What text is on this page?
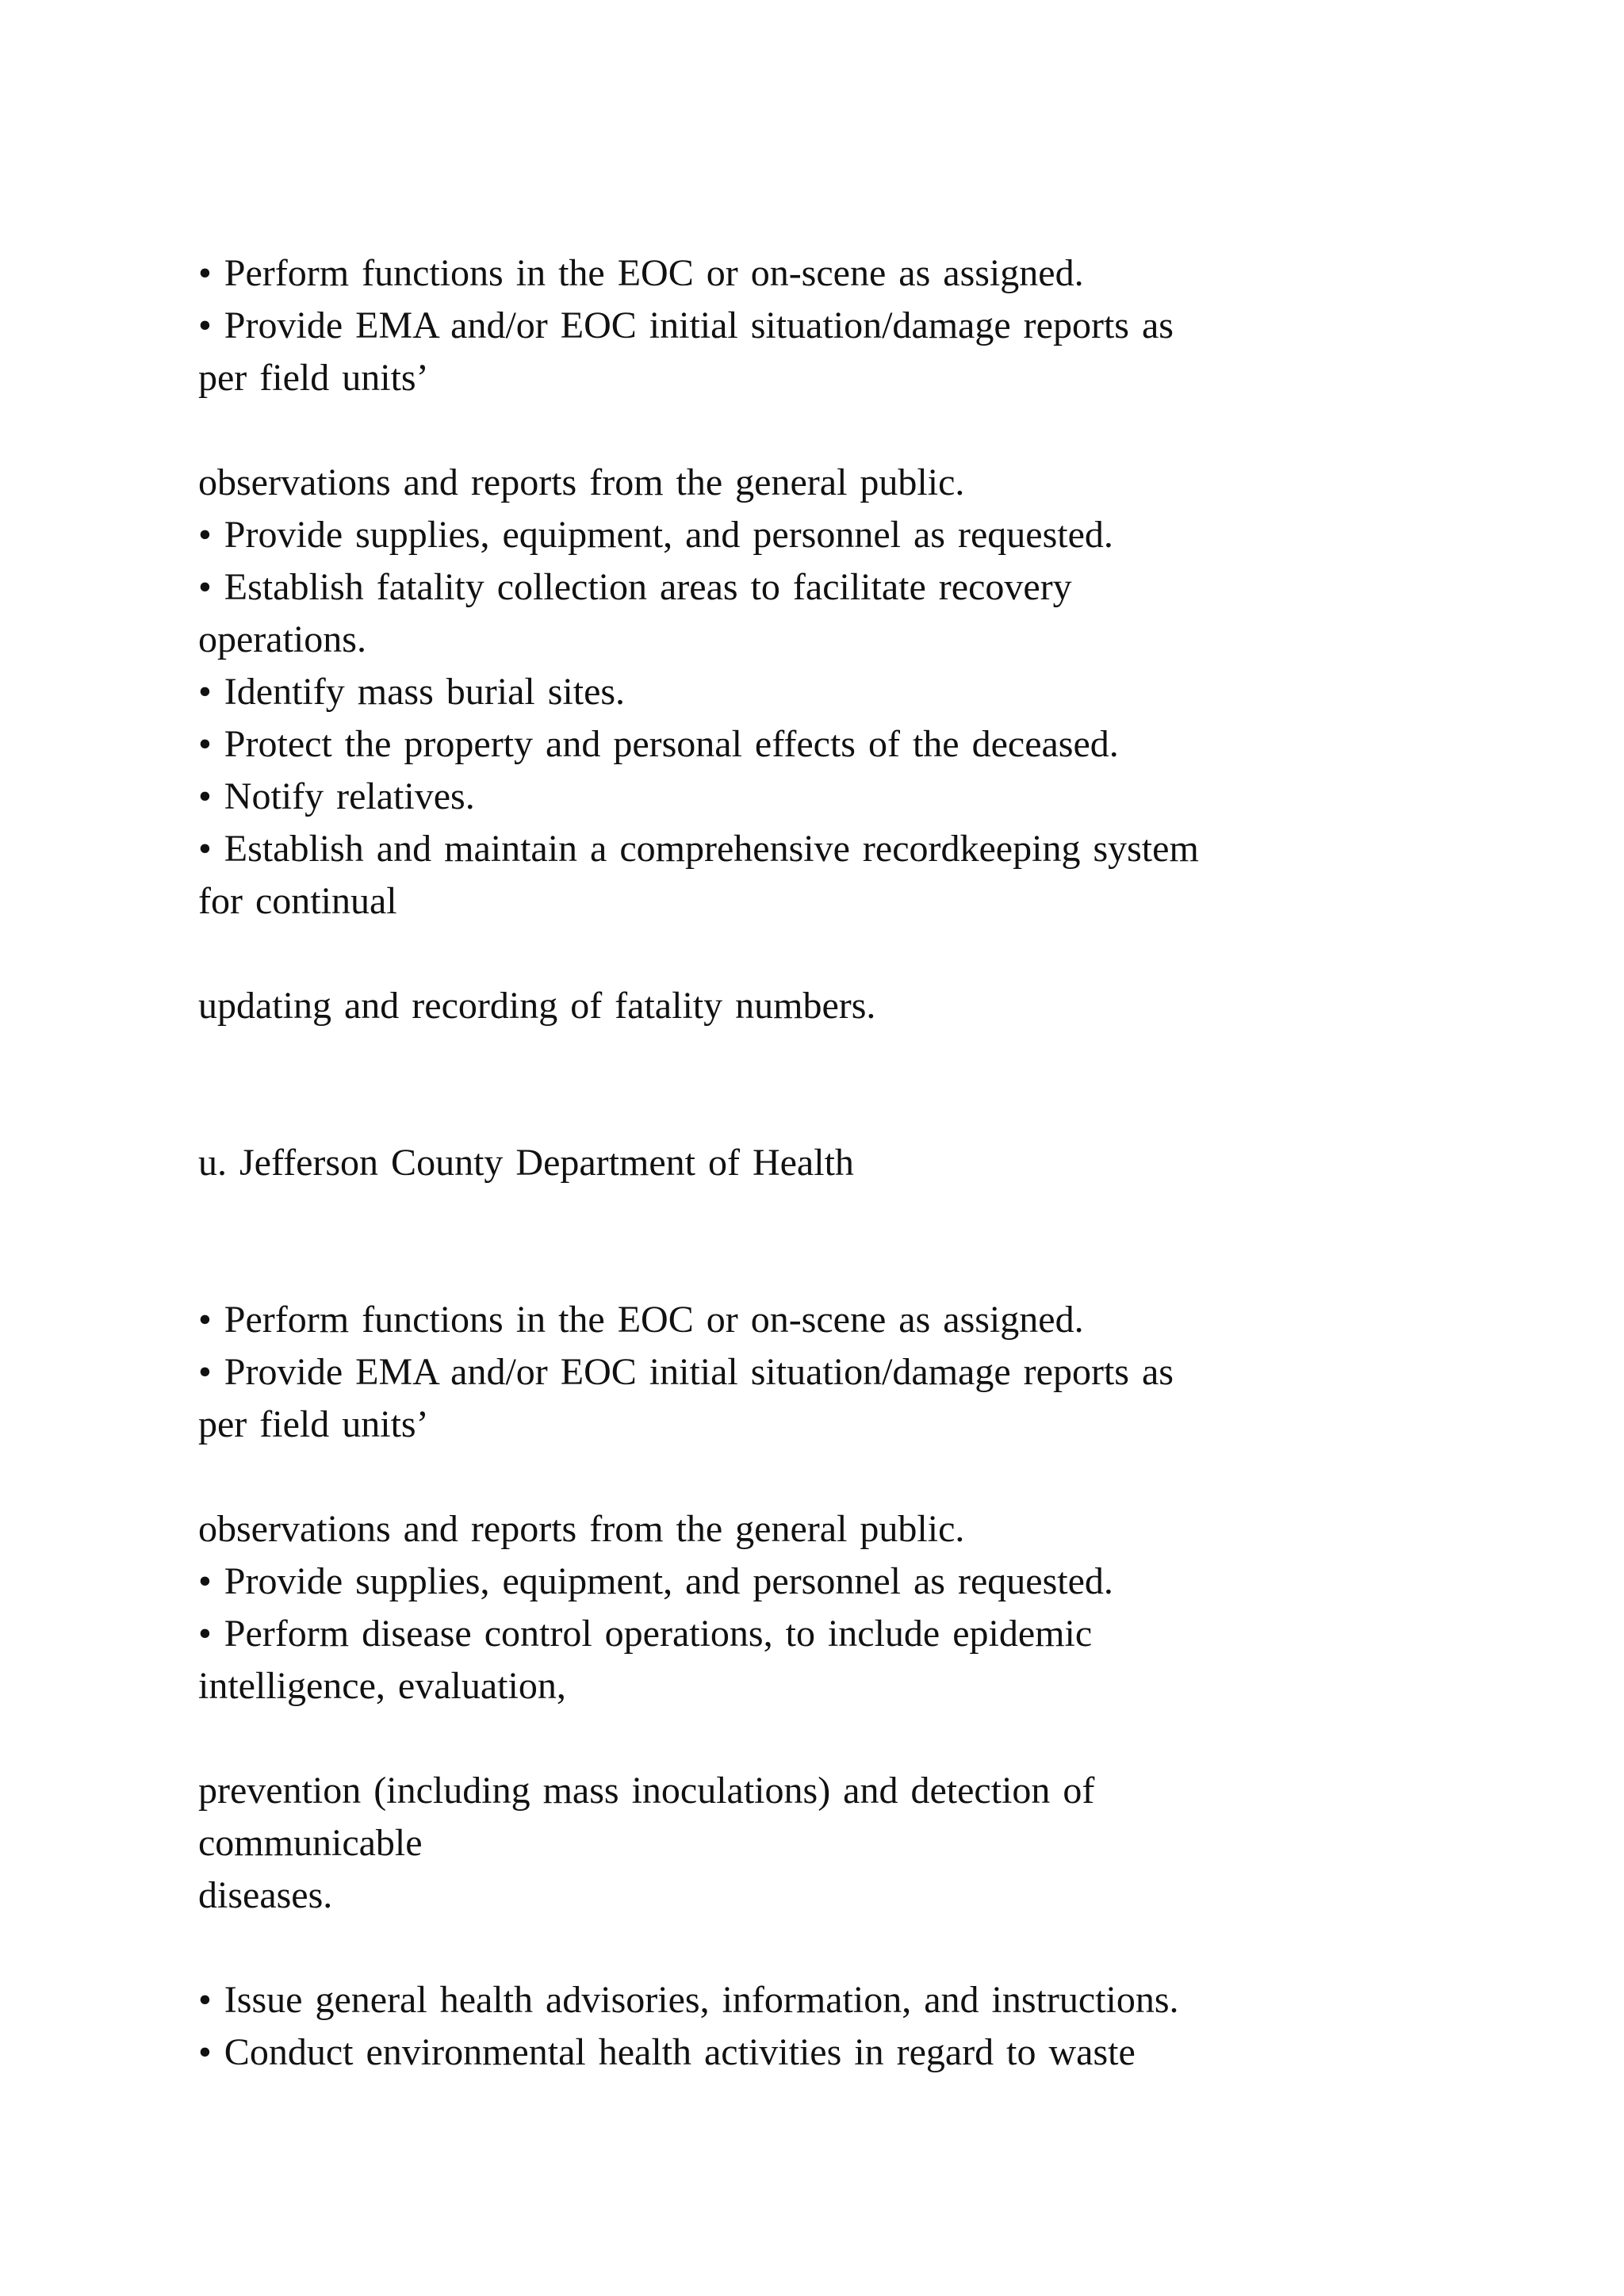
• Perform functions in the EOC or on-scene as assigned.
• Provide EMA and/or EOC initial situation/damage reports as
per field units’
observations and reports from the general public.
• Provide supplies, equipment, and personnel as requested.
• Establish fatality collection areas to facilitate recovery
operations.
• Identify mass burial sites.
• Protect the property and personal effects of the deceased.
• Notify relatives.
• Establish and maintain a comprehensive recordkeeping system
for continual
updating and recording of fatality numbers.
u. Jefferson County Department of Health
• Perform functions in the EOC or on-scene as assigned.
• Provide EMA and/or EOC initial situation/damage reports as
per field units’
observations and reports from the general public.
• Provide supplies, equipment, and personnel as requested.
• Perform disease control operations, to include epidemic
intelligence, evaluation,
prevention (including mass inoculations) and detection of
communicable
diseases.
• Issue general health advisories, information, and instructions.
• Conduct environmental health activities in regard to waste
